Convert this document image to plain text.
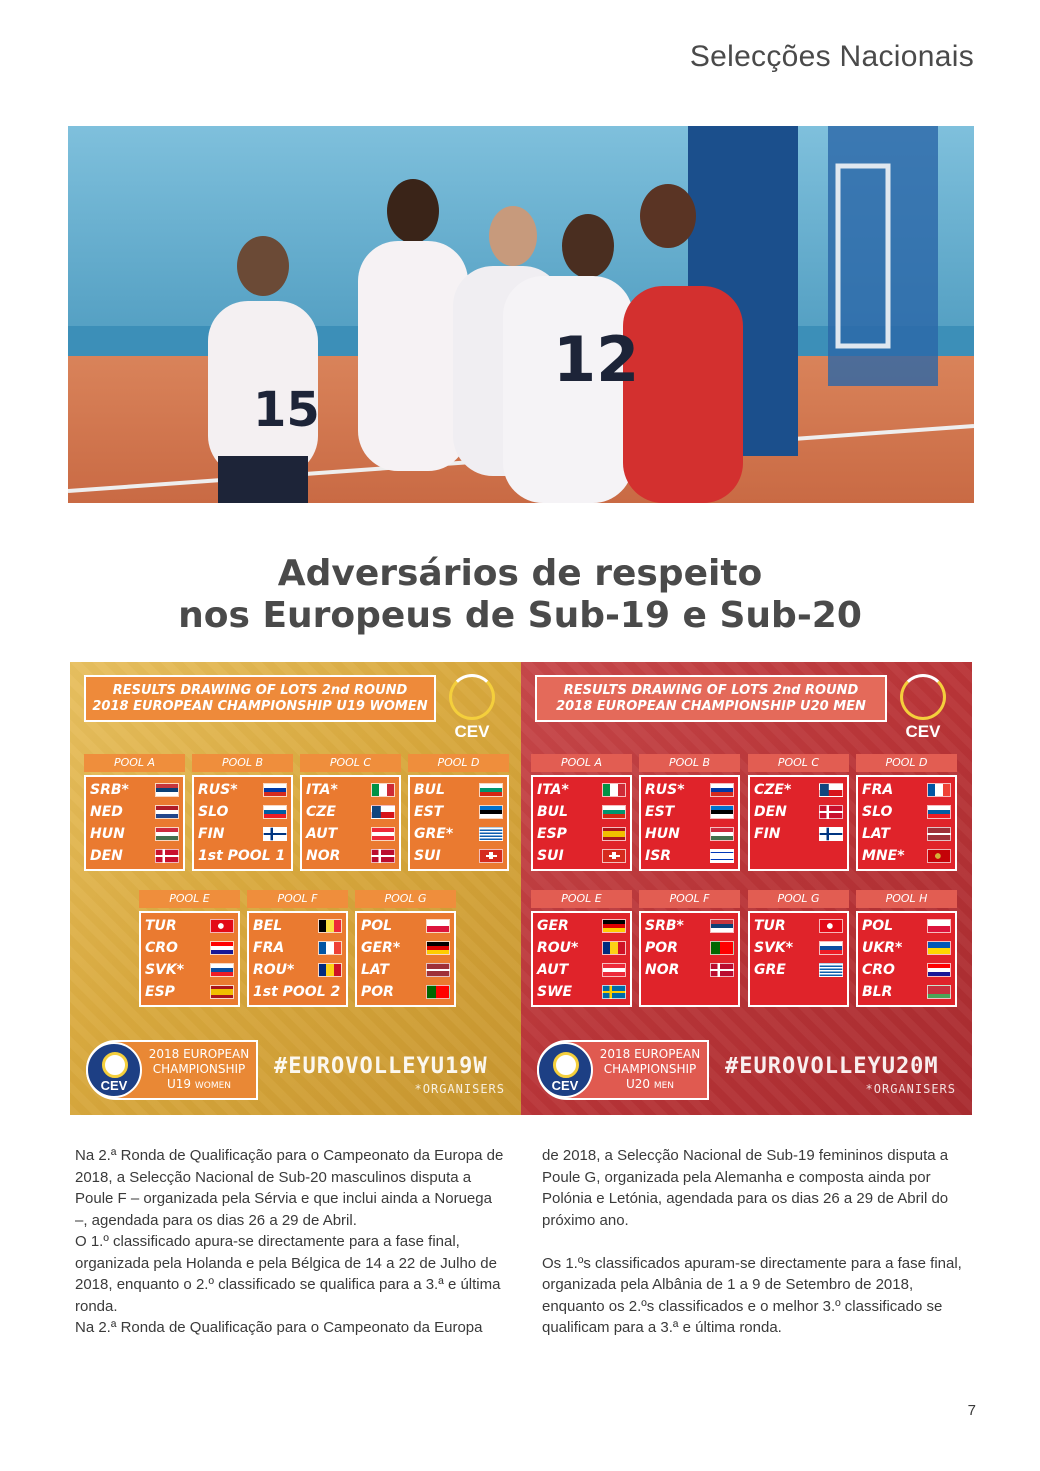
Selecções Nacionais
15
12
Adversários de respeito
nos Europeus de Sub-19 e Sub-20
RESULTS DRAWING OF LOTS 2nd ROUND
2018 EUROPEAN CHAMPIONSHIP U19 WOMEN
CEV
POOL A
SRB*
NED
HUN
DEN
POOL B
RUS*
SLO
FIN
1st POOL 1
POOL C
ITA*
CZE
AUT
NOR
POOL D
BUL
EST
GRE*
SUI
POOL E
TUR
CRO
SVK*
ESP
POOL F
BEL
FRA
ROU*
1st POOL 2
POOL G
POL
GER*
LAT
POR
CEV
2018 EUROPEAN
CHAMPIONSHIP
U19 WOMEN
#EUROVOLLEYU19W
*ORGANISERS
RESULTS DRAWING OF LOTS 2nd ROUND
2018 EUROPEAN CHAMPIONSHIP U20 MEN
CEV
POOL A
ITA*
BUL
ESP
SUI
POOL B
RUS*
EST
HUN
ISR
POOL C
CZE*
DEN
FIN
POOL D
FRA
SLO
LAT
MNE*
POOL E
GER
ROU*
AUT
SWE
POOL F
SRB*
POR
NOR
POOL G
TUR
SVK*
GRE
POOL H
POL
UKR*
CRO
BLR
CEV
2018 EUROPEAN
CHAMPIONSHIP
U20 MEN
#EUROVOLLEYU20M
*ORGANISERS

Na 2.ª Ronda de Qualificação para o Campeonato da Europa de 2018, a Selecção Nacional de Sub-20 masculinos disputa a Poule F – organizada pela Sérvia e que inclui ainda a Noruega –, agendada para os dias 26 a 29 de Abril.

O 1.º classificado apura-se directamente para a fase final, organizada pela Holanda e pela Bélgica de 14 a 22 de Julho de 2018, enquanto o 2.º classificado se qualifica para a 3.ª e última ronda.

Na 2.ª Ronda de Qualificação para o Campeonato da Europa

de 2018, a Selecção Nacional de Sub-19 femininos disputa a Poule G, organizada pela Alemanha e composta ainda por Polónia e Letónia, agendada para os dias 26 a 29 de Abril do próximo ano.

Os 1.ºs classificados apuram-se directamente para a fase final, organizada pela Albânia de 1 a 9 de Setembro de 2018, enquanto os 2.ºs classificados e o melhor 3.º classificado se qualificam para a 3.ª e última ronda.

7
